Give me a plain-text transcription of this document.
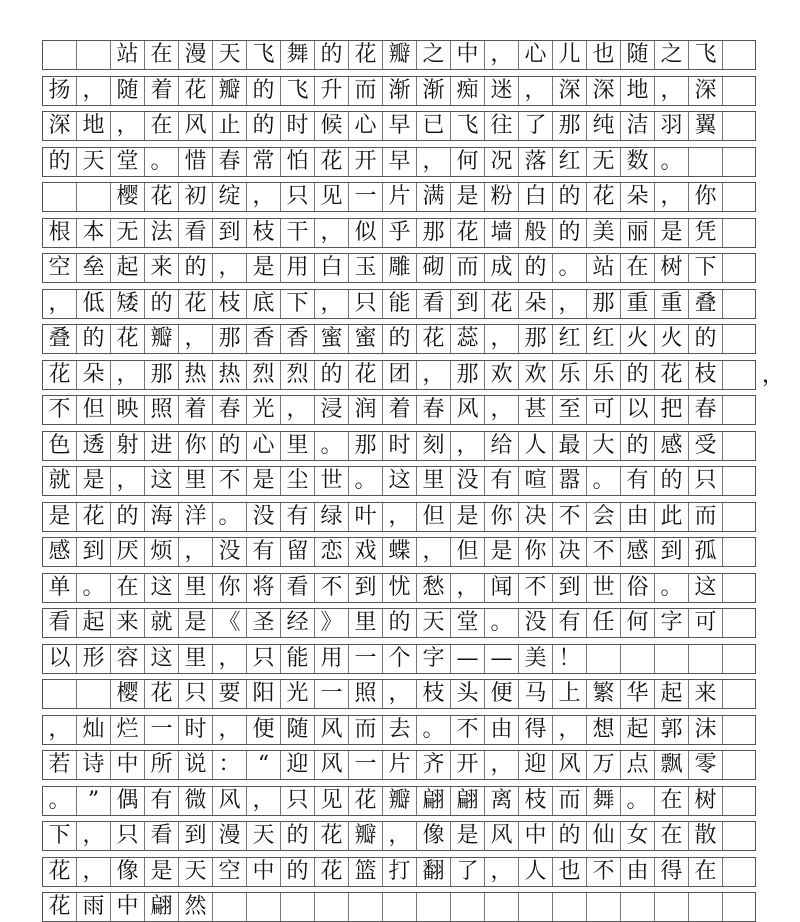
站 在 漫 天 飞 舞 的 花 瓣 之 中 ， 心 儿 也 随 之 飞
扬 ， 随 着 花 瓣 的 飞 升 而 渐 渐 痴 迷 ， 深 深 地 ， 深
深 地 ， 在 风 止 的 时 候 心 早 已 飞 往 了 那 纯 洁 羽 翼
的 天 堂 。 惜 春 常 怕 花 开 早 ， 何 况 落 红 无 数 。
樱 花 初 绽 ， 只 见 一 片 满 是 粉 白 的 花 朵 ， 你
根 本 无 法 看 到 枝 干 ， 似 乎 那 花 墙 般 的 美 丽 是 凭
空 垒 起 来 的 ， 是 用 白 玉 雕 砌 而 成 的 。 站 在 树 下
， 低 矮 的 花 枝 底 下 ， 只 能 看 到 花 朵 ， 那 重 重 叠
叠 的 花 瓣 ， 那 香 香 蜜 蜜 的 花 蕊 ， 那 红 红 火 火 的
花 朵 ， 那 热 热 烈 烈 的 花 团 ， 那 欢 欢 乐 乐 的 花 枝
不 但 映 照 着 春 光 ， 浸 润 着 春 风 ， 甚 至 可 以 把 春
色 透 射 进 你 的 心 里 。 那 时 刻 ， 给 人 最 大 的 感 受
就 是 ， 这 里 不 是 尘 世 。 这 里 没 有 喧 嚣 。 有 的 只
是 花 的 海 洋 。 没 有 绿 叶 ， 但 是 你 决 不 会 由 此 而
感 到 厌 烦 ， 没 有 留 恋 戏 蝶 ， 但 是 你 决 不 感 到 孤
单 。 在 这 里 你 将 看 不 到 忧 愁 ， 闻 不 到 世 俗 。 这
看 起 来 就 是 《 圣 经 》 里 的 天 堂 。 没 有 任 何 字 可
以 形 容 这 里 ， 只 能 用 一 个 字 — — 美 ！
樱 花 只 要 阳 光 一 照 ， 枝 头 便 马 上 繁 华 起 来
， 灿 烂 一 时 ， 便 随 风 而 去 。 不 由 得 ， 想 起 郭 沫
若 诗 中 所 说 ： “ 迎 风 一 片 齐 开 ， 迎 风 万 点 飘 零
。 ” 偶 有 微 风 ， 只 见 花 瓣 翩 翩 离 枝 而 舞 。 在 树
下 ， 只 看 到 漫 天 的 花 瓣 ， 像 是 风 中 的 仙 女 在 散
花 ， 像 是 天 空 中 的 花 篮 打 翻 了 ， 人 也 不 由 得 在
花 雨 中 翩 然
，
